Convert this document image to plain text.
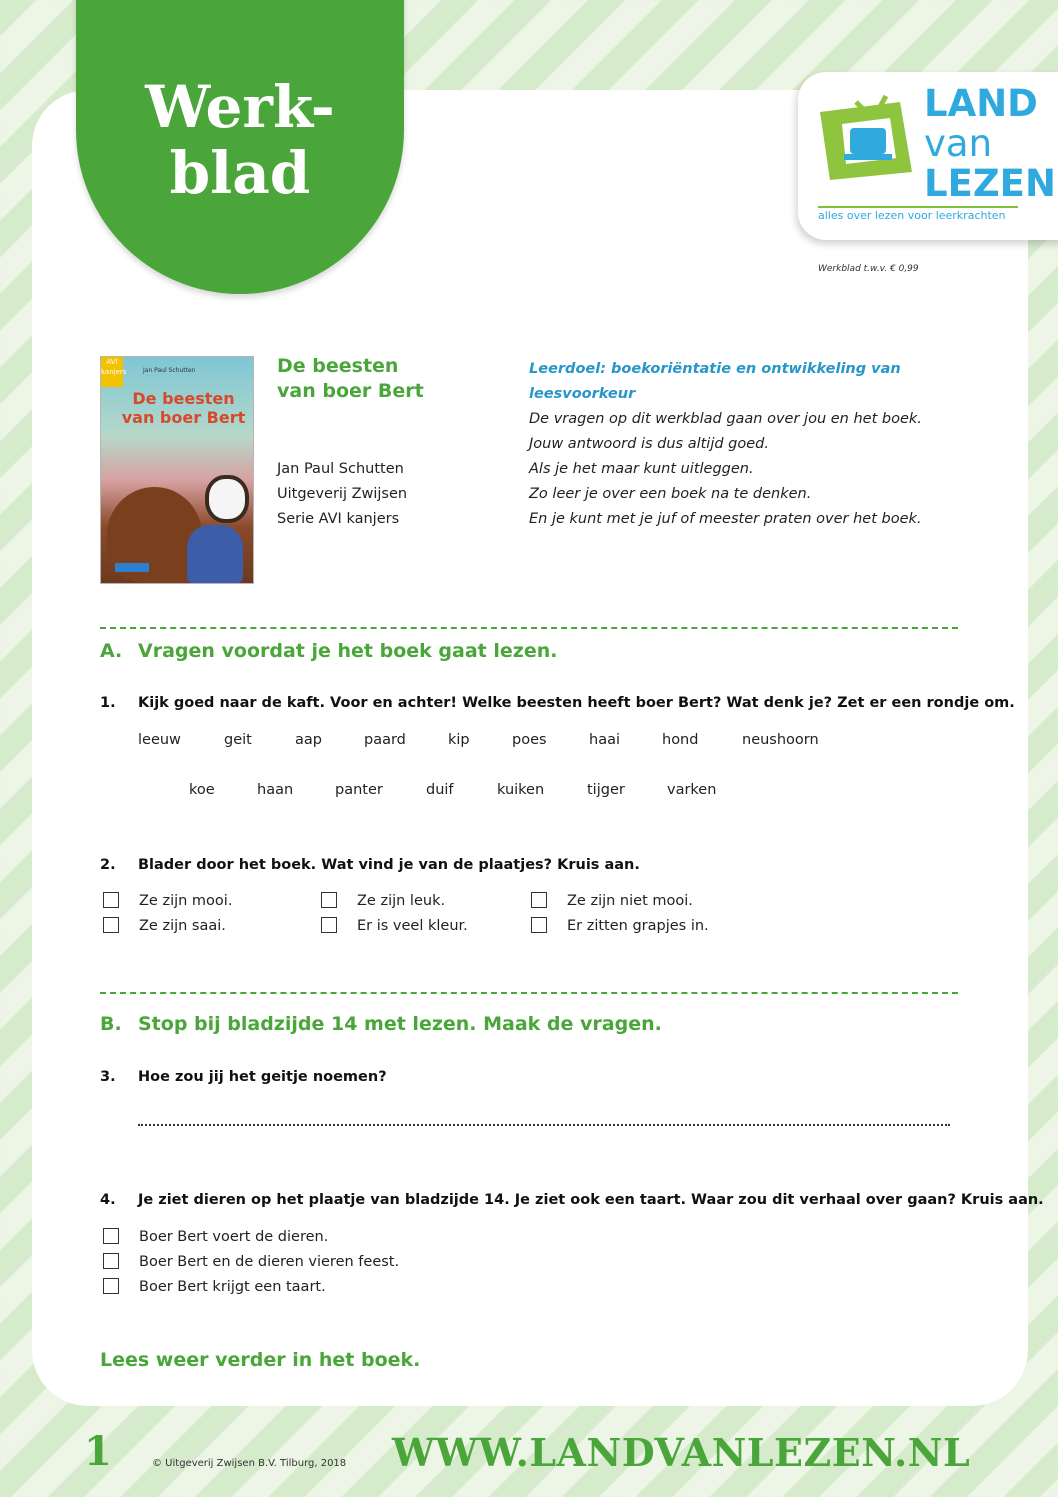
Werk-
blad
LAND
van
LEZEN
alles over lezen voor leerkrachten
Werkblad t.w.v. € 0,99
AVI kanjers	Jan Paul Schutten
De beesten van boer Bert
De beesten
van boer Bert
Jan Paul Schutten
Uitgeverij Zwijsen
Serie AVI kanjers
Leerdoel: boekoriëntatie en ontwikkeling van leesvoorkeur
De vragen op dit werkblad gaan over jou en het boek.
Jouw antwoord is dus altijd goed.
Als je het maar kunt uitleggen.
Zo leer je over een boek na te denken.
En je kunt met je juf of meester praten over het boek.
A. Vragen voordat je het boek gaat lezen.
1. Kijk goed naar de kaft. Voor en achter! Welke beesten heeft boer Bert? Wat denk je? Zet er een rondje om.
leeuw	geit	aap	paard	kip	poes	haai	hond	neushoorn
koe	haan	panter	duif	kuiken	tijger	varken
2. Blader door het boek. Wat vind je van de plaatjes? Kruis aan.
Ze zijn mooi.	Ze zijn leuk.	Ze zijn niet mooi.
Ze zijn saai.	Er is veel kleur.	Er zitten grapjes in.
B. Stop bij bladzijde 14 met lezen. Maak de vragen.
3. Hoe zou jij het geitje noemen?
4. Je ziet dieren op het plaatje van bladzijde 14. Je ziet ook een taart. Waar zou dit verhaal over gaan? Kruis aan.
Boer Bert voert de dieren.
Boer Bert en de dieren vieren feest.
Boer Bert krijgt een taart.
Lees weer verder in het boek.
1	© Uitgeverij Zwijsen B.V. Tilburg, 2018 WWW.LANDVANLEZEN.NL
